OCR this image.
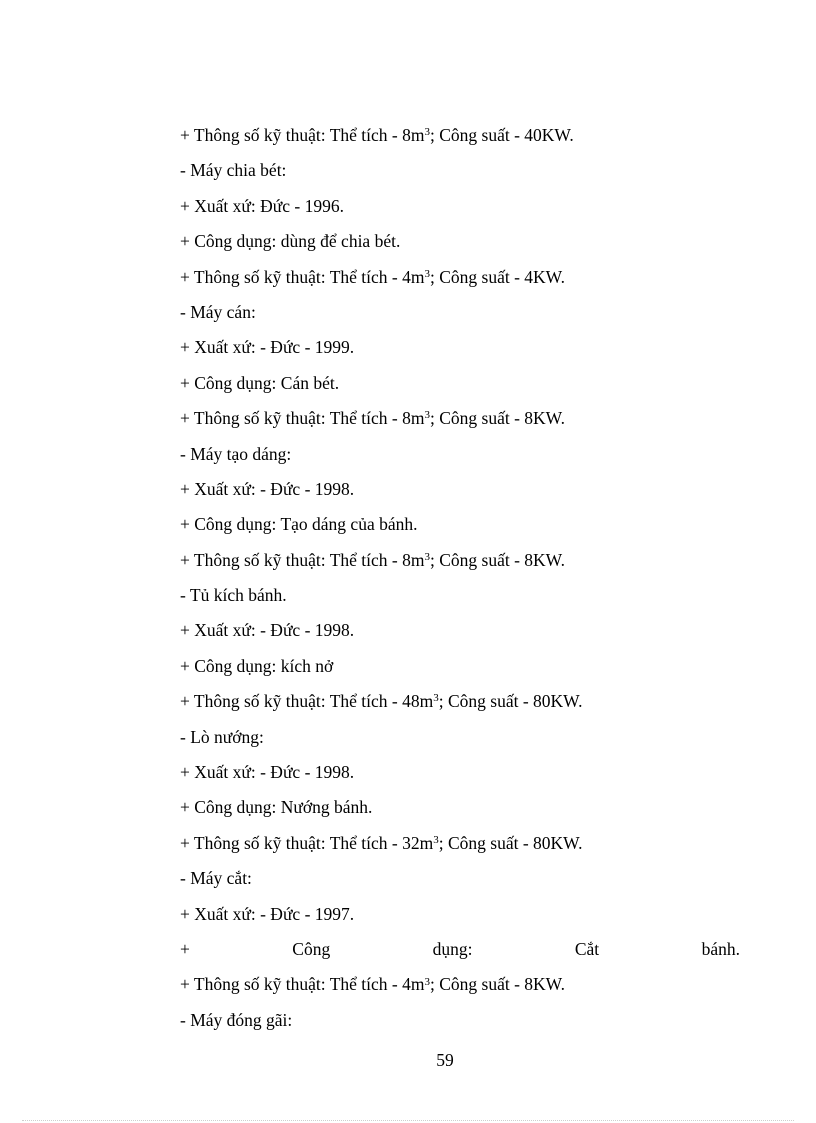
+ Thông số kỹ thuật: Thể tích - $8m^3$; Công suất - 40KW.
- Máy chia bét:
+ Xuất xứ: Đức - 1996.
+ Công dụng: dùng để chia bét.
+ Thông số kỹ thuật: Thể tích - $4m^3$; Công suất - 4KW.
- Máy cán:
+ Xuất xứ: - Đức - 1999.
+ Công dụng: Cán bét.
+ Thông số kỹ thuật: Thể tích - $8m^3$; Công suất - 8KW.
- Máy tạo dáng:
+ Xuất xứ: - Đức - 1998.
+ Công dụng: Tạo dáng của bánh.
+ Thông số kỹ thuật: Thể tích - $8m^3$; Công suất - 8KW.
- Tủ kích bánh.
+ Xuất xứ: - Đức - 1998.
+ Công dụng: kích nở
+ Thông số kỹ thuật: Thể tích - $48m^3$; Công suất - 80KW.
- Lò nướng:
+ Xuất xứ: - Đức - 1998.
+ Công dụng: Nướng bánh.
+ Thông số kỹ thuật: Thể tích - $32m^3$; Công suất - 80KW.
- Máy cắt:
+ Xuất xứ: - Đức - 1997.
+	Công	dụng:	Cắt	bánh.
+ Thông số kỹ thuật: Thể tích - $4m^3$; Công suất - 8KW.
- Máy đóng gãi:
59
